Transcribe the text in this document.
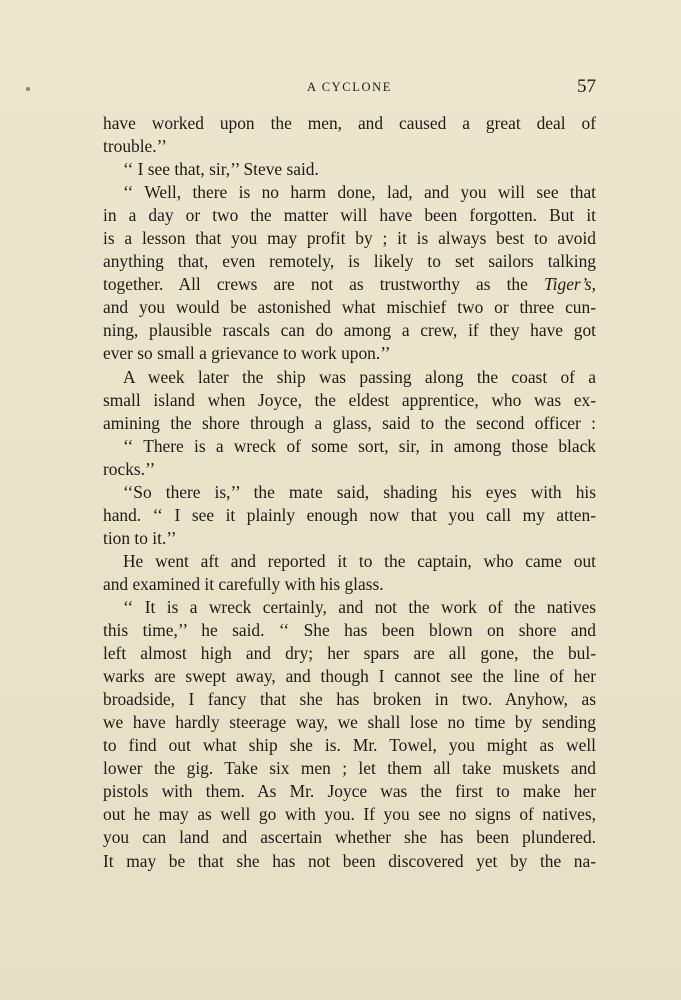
A CYCLONE	57
have worked upon the men, and caused a great deal of
trouble.’’
‘‘ I see that, sir,’’ Steve said.
‘‘ Well, there is no harm done, lad, and you will see that
in a day or two the matter will have been forgotten. But it
is a lesson that you may profit by ; it is always best to avoid
anything that, even remotely, is likely to set sailors talking
together. All crews are not as trustworthy as the Tiger’s,
and you would be astonished what mischief two or three cun-
ning, plausible rascals can do among a crew, if they have got
ever so small a grievance to work upon.’’
A week later the ship was passing along the coast of a
small island when Joyce, the eldest apprentice, who was ex-
amining the shore through a glass, said to the second officer :
‘‘ There is a wreck of some sort, sir, in among those black
rocks.’’
‘‘So there is,’’ the mate said, shading his eyes with his
hand. ‘‘ I see it plainly enough now that you call my atten-
tion to it.’’
He went aft and reported it to the captain, who came out
and examined it carefully with his glass.
‘‘ It is a wreck certainly, and not the work of the natives
this time,’’ he said. ‘‘ She has been blown on shore and
left almost high and dry; her spars are all gone, the bul-
warks are swept away, and though I cannot see the line of her
broadside, I fancy that she has broken in two. Anyhow, as
we have hardly steerage way, we shall lose no time by sending
to find out what ship she is. Mr. Towel, you might as well
lower the gig. Take six men ; let them all take muskets and
pistols with them. As Mr. Joyce was the first to make her
out he may as well go with you. If you see no signs of natives,
you can land and ascertain whether she has been plundered.
It may be that she has not been discovered yet by the na-
